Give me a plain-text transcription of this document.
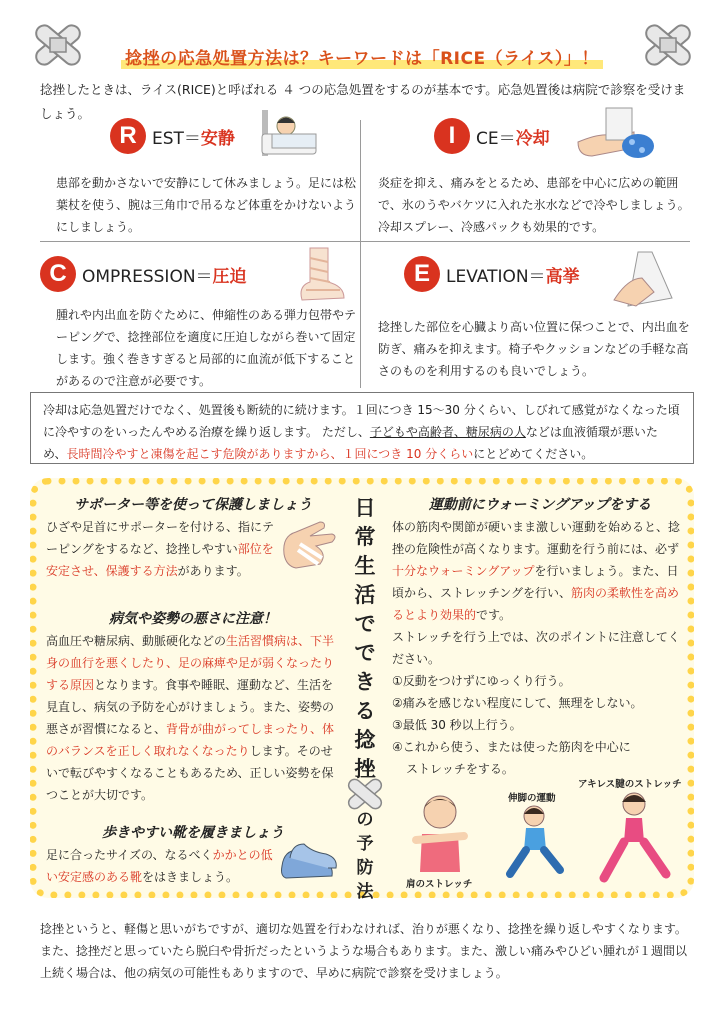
捻挫の応急処置方法は？キーワードは「RICE（ライス）」！
捻挫したときは、ライス(RICE)と呼ばれる ４ つの応急処置をするのが基本です。応急処置後は病院で診察を受けましょう。
R EST＝ 安静
患部を動かさないで安静にして休みましょう。足には松葉杖を使う、腕は三角巾で吊るなど体重をかけないようにしましょう。
I	CE＝ 冷却
炎症を抑え、痛みをとるため、患部を中心に広めの範囲で、氷のうやバケツに入れた氷水などで冷やしましょう。冷却スプレー、冷感パックも効果的です。
C OMPRESSION＝ 圧迫
腫れや内出血を防ぐために、伸縮性のある弾力包帯やテーピングで、捻挫部位を適度に圧迫しながら巻いて固定します。強く巻きすぎると局部的に血流が低下することがあるので注意が必要です。
E LEVATION＝ 高挙
捻挫した部位を心臓より高い位置に保つことで、内出血を防ぎ、痛みを抑えます。椅子やクッションなどの手軽な高さのものを利用するのも良いでしょう。
冷却は応急処置だけでなく、処置後も断続的に続けます。１回につき 15～30 分くらい、しびれて感覚がなくなった頃に冷やすのをいったんやめる治療を繰り返します。 ただし、子どもや高齢者、糖尿病の人などは血液循環が悪いため、長時間冷やすと凍傷を起こす危険がありますから、１回につき 10 分くらいにとどめてください。
サポーター等を使って保護しましょう
ひざや足首にサポーターを付ける、指にテーピングをするなど、捻挫しやすい部位を安定させ、保護する方法があります。
病気や姿勢の悪さに注意！
高血圧や糖尿病、動脈硬化などの生活習慣病は、下半身の血行を悪くしたり、足の麻痺や足が弱くなったりする原因となります。食事や睡眠、運動など、生活を見直し、病気の予防を心がけましょう。また、姿勢の悪さが習慣になると、背骨が曲がってしまったり、体のバランスを正しく取れなくなったりします。そのせいで転びやすくなることもあるため、正しい姿勢を保つことが大切です。
歩きやすい靴を履きましょう
足に合ったサイズの、なるべくかかとの低い安定感のある靴をはきましょう。
日
常
生
活
で
で
き
る
捻
挫
の
予
防
法
運動前にウォーミングアップをする
体の筋肉や関節が硬いまま激しい運動を始めると、捻挫の危険性が高くなります。運動を行う前には、必ず十分なウォーミングアップを行いましょう。また、日頃から、ストレッチングを行い、筋肉の柔軟性を高めるとより効果的です。
ストレッチを行う上では、次のポイントに注意してください。
①反動をつけずにゆっくり行う。
②痛みを感じない程度にして、無理をしない。
③最低 30 秒以上行う。
④これから使う、または使った筋肉を中心に
ストレッチをする。
肩のストレッチ
伸脚の運動
アキレス腱のストレッチ
捻挫というと、軽傷と思いがちですが、適切な処置を行わなければ、治りが悪くなり、捻挫を繰り返しやすくなります。また、捻挫だと思っていたら脱臼や骨折だったというような場合もあります。また、激しい痛みやひどい腫れが１週間以上続く場合は、他の病気の可能性もありますので、早めに病院で診察を受けましょう。
